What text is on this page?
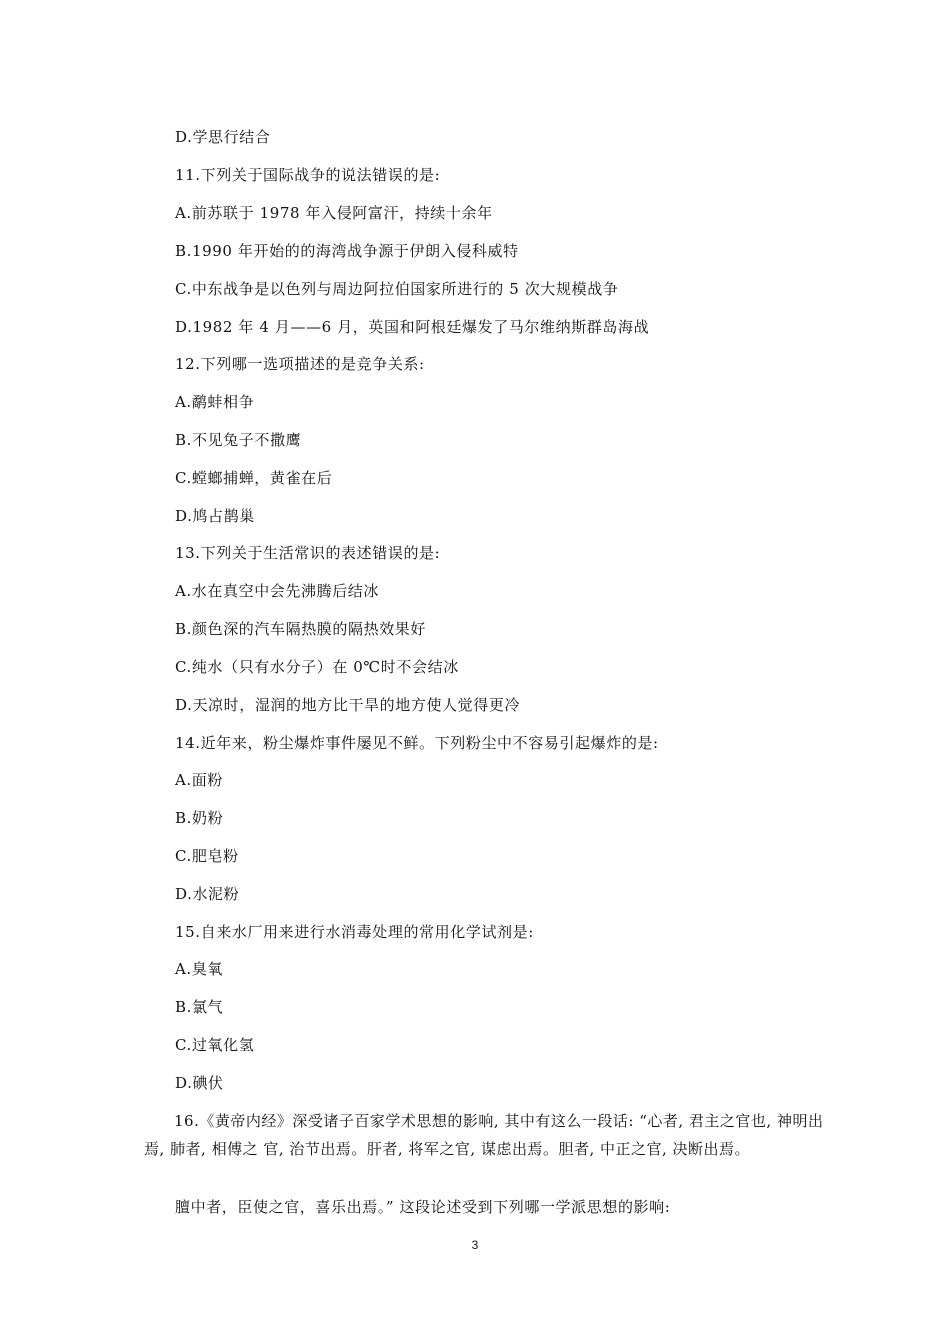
D.学思行结合
11.下列关于国际战争的说法错误的是:
A.前苏联于 1978 年入侵阿富汗，持续十余年
B.1990 年开始的的海湾战争源于伊朗入侵科威特
C.中东战争是以色列与周边阿拉伯国家所进行的 5 次大规模战争
D.1982 年 4 月——6 月，英国和阿根廷爆发了马尔维纳斯群岛海战
12.下列哪一选项描述的是竞争关系:
A.鹬蚌相争
B.不见兔子不撒鹰
C.螳螂捕蝉，黄雀在后
D.鸠占鹊巢
13.下列关于生活常识的表述错误的是:
A.水在真空中会先沸腾后结冰
B.颜色深的汽车隔热膜的隔热效果好
C.纯水（只有水分子）在 0℃时不会结冰
D.天凉时，湿润的地方比干旱的地方使人觉得更冷
14.近年来，粉尘爆炸事件屡见不鲜。下列粉尘中不容易引起爆炸的是:
A.面粉
B.奶粉
C.肥皂粉
D.水泥粉
15.自来水厂用来进行水消毒处理的常用化学试剂是:
A.臭氧
B.氯气
C.过氧化氢
D.碘伏
16.《黄帝内经》深受诸子百家学术思想的影响, 其中有这么一段话: “心者, 君主之官也, 神明出焉, 肺者, 相傅之 官, 治节出焉。肝者, 将军之官, 谋虑出焉。胆者, 中正之官, 决断出焉。
膻中者，臣使之官，喜乐出焉。” 这段论述受到下列哪一学派思想的影响:
3
